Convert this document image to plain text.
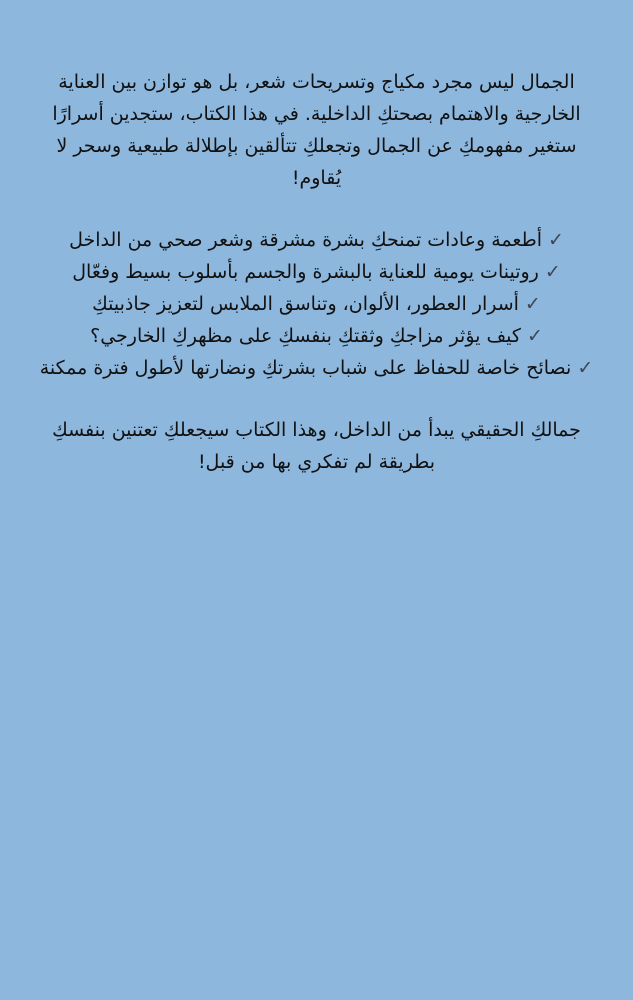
الجمال ليس مجرد مكياج وتسريحات شعر، بل هو توازن بين العناية الخارجية والاهتمام بصحتكِ الداخلية. في هذا الكتاب، ستجدين أسرارًا ستغير مفهومكِ عن الجمال وتجعلكِ تتألقين بإطلالة طبيعية وسحر لا يُقاوم!

✓أطعمة وعادات تمنحكِ بشرة مشرقة وشعر صحي من الداخل
✓روتينات يومية للعناية بالبشرة والجسم بأسلوب بسيط وفعّال
✓أسرار العطور، الألوان، وتناسق الملابس لتعزيز جاذبيتكِ
✓كيف يؤثر مزاجكِ وثقتكِ بنفسكِ على مظهركِ الخارجي؟
✓نصائح خاصة للحفاظ على شباب بشرتكِ ونضارتها لأطول فترة ممكنة

جمالكِ الحقيقي يبدأ من الداخل، وهذا الكتاب سيجعلكِ تعتنين بنفسكِ بطريقة لم تفكري بها من قبل!
